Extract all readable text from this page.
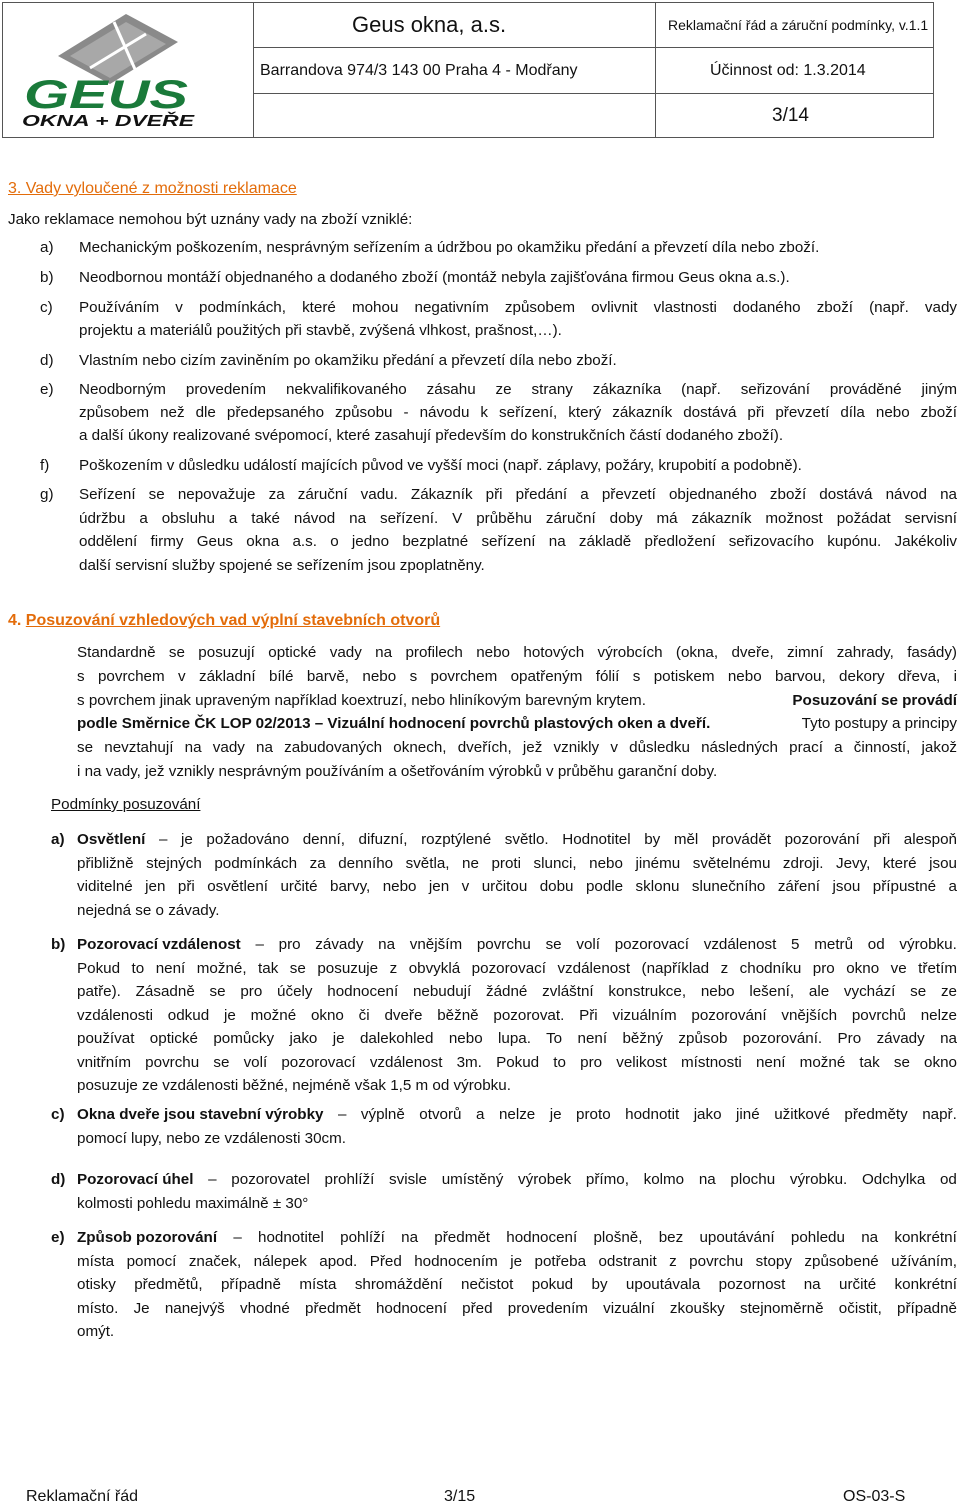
GEUS
OKNA + DVEŘE
Geus okna, a.s.	Reklamační řád a záruční podmínky, v.1.1
Barrandova 974/3 143 00 Praha 4 - Modřany	Účinnost od: 1.3.2014
3/14
3. Vady vyloučené z možnosti reklamace
Jako reklamace nemohou být uznány vady na zboží vzniklé:
a) Mechanickým poškozením, nesprávným seřízením a údržbou po okamžiku předání a převzetí díla nebo zboží.
b) Neodbornou montáží objednaného a dodaného zboží (montáž nebyla zajišťována firmou Geus okna a.s.).
c) Používáním v podmínkách, které mohou negativním způsobem ovlivnit vlastnosti dodaného zboží (např. vady
projektu a materiálů použitých při stavbě, zvýšená vlhkost, prašnost,…).
d) Vlastním nebo cizím zaviněním po okamžiku předání a převzetí díla nebo zboží.
e) Neodborným provedením nekvalifikovaného zásahu ze strany zákazníka (např. seřizování prováděné jiným
způsobem než dle předepsaného způsobu - návodu k seřízení, který zákazník dostává při převzetí díla nebo zboží
a další úkony realizované svépomocí, které zasahují především do konstrukčních částí dodaného zboží).
f) Poškozením v důsledku událostí majících původ ve vyšší moci (např. záplavy, požáry, krupobití a podobně).
g) Seřízení se nepovažuje za záruční vadu. Zákazník při předání a převzetí objednaného zboží dostává návod na
údržbu a obsluhu a také návod na seřízení. V průběhu záruční doby má zákazník možnost požádat servisní
oddělení firmy Geus okna a.s. o jedno bezplatné seřízení na základě předložení seřizovacího kupónu. Jakékoliv
další servisní služby spojené se seřízením jsou zpoplatněny.
4. Posuzování vzhledových vad výplní stavebních otvorů
Standardně se posuzují optické vady na profilech nebo hotových výrobcích (okna, dveře, zimní zahrady, fasády)
s povrchem v základní bílé barvě, nebo s povrchem opatřeným fólií s potiskem nebo barvou, dekory dřeva, i
s povrchem jinak upraveným například koextruzí, nebo hliníkovým barevným krytem.	Posuzování se provádí
podle Směrnice ČK LOP 02/2013 – Vizuální hodnocení povrchů plastových oken a dveří.	Tyto postupy a principy
se nevztahují na vady na zabudovaných oknech, dveřích, jež vznikly v důsledku následných prací a činností, jakož
i na vady, jež vznikly nesprávným používáním a ošetřováním výrobků v průběhu garanční doby.
Podmínky posuzování
a) Osvětlení – je požadováno denní, difuzní, rozptýlené světlo. Hodnotitel by měl provádět pozorování při alespoň
přibližně stejných podmínkách za denního světla, ne proti slunci, nebo jinému světelnému zdroji. Jevy, které jsou
viditelné jen při osvětlení určité barvy, nebo jen v určitou dobu podle sklonu slunečního záření jsou přípustné a
nejedná se o závady.
b) Pozorovací vzdálenost – pro závady na vnějším povrchu se volí pozorovací vzdálenost 5 metrů od výrobku.
Pokud to není možné, tak se posuzuje z obvyklá pozorovací vzdálenost (například z chodníku pro okno ve třetím
patře). Zásadně se pro účely hodnocení nebudují žádné zvláštní konstrukce, nebo lešení, ale vychází se ze
vzdálenosti odkud je možné okno či dveře běžně pozorovat. Při vizuálním pozorování vnějších povrchů nelze
používat optické pomůcky jako je dalekohled nebo lupa. To není běžný způsob pozorování. Pro závady na
vnitřním povrchu se volí pozorovací vzdálenost 3m. Pokud to pro velikost místnosti není možné tak se okno
posuzuje ze vzdálenosti běžné, nejméně však 1,5 m od výrobku.
c) Okna dveře jsou stavební výrobky – výplně otvorů a nelze je proto hodnotit jako jiné užitkové předměty např.
pomocí lupy, nebo ze vzdálenosti 30cm.
d) Pozorovací úhel – pozorovatel prohlíží svisle umístěný výrobek přímo, kolmo na plochu výrobku. Odchylka od
kolmosti pohledu maximálně ± 30°
e) Způsob pozorování – hodnotitel pohlíží na předmět hodnocení plošně, bez upoutávání pohledu na konkrétní
místa pomocí značek, nálepek apod. Před hodnocením je potřeba odstranit z povrchu stopy způsobené užíváním,
otisky předmětů, případně místa shromáždění nečistot pokud by upoutávala pozornost na určité konkrétní
místo. Je nanejvýš vhodné předmět hodnocení před provedením vizuální zkoušky stejnoměrně očistit, případně
omýt.
Reklamační řád	3/15	OS-03-S
